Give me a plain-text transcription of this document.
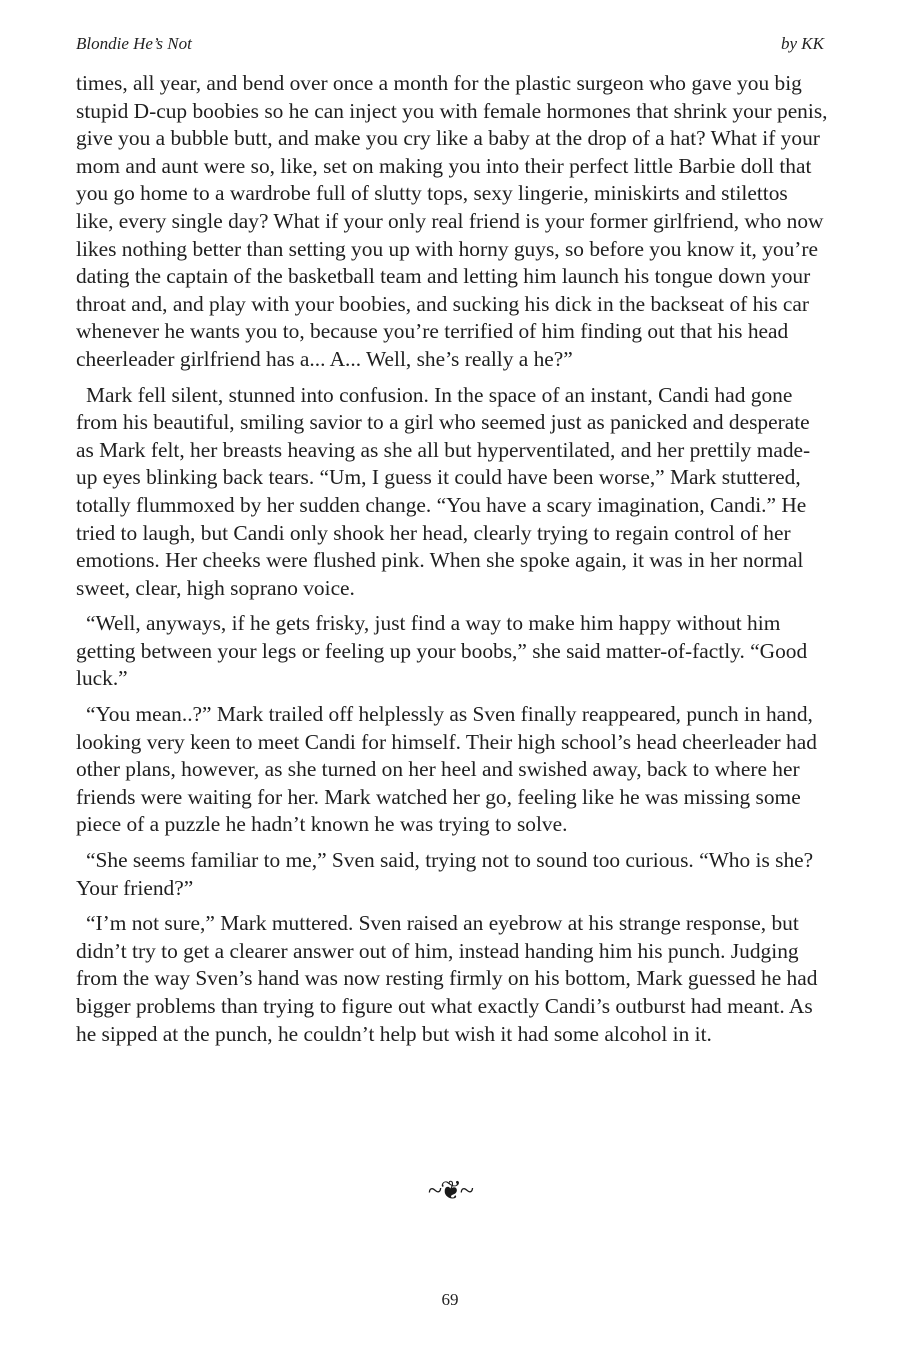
Blondie He’s Not	by KK

times, all year, and bend over once a month for the plastic surgeon who gave you big stupid D-cup boobies so he can inject you with female hormones that shrink your penis, give you a bubble butt, and make you cry like a baby at the drop of a hat? What if your mom and aunt were so, like, set on making you into their perfect little Barbie doll that you go home to a wardrobe full of slutty tops, sexy lingerie, miniskirts and stilettos like, every single day? What if your only real friend is your former girlfriend, who now likes nothing better than setting you up with horny guys, so before you know it, you’re dating the captain of the basketball team and letting him launch his tongue down your throat and, and play with your boobies, and sucking his dick in the backseat of his car whenever he wants you to, because you’re terrified of him finding out that his head cheerleader girlfriend has a... A... Well, she’s really a he?”

Mark fell silent, stunned into confusion. In the space of an instant, Candi had gone from his beautiful, smiling savior to a girl who seemed just as panicked and desperate as Mark felt, her breasts heaving as she all but hyperventilated, and her prettily made-up eyes blinking back tears. “Um, I guess it could have been worse,” Mark stuttered, totally flummoxed by her sudden change. “You have a scary imagination, Candi.” He tried to laugh, but Candi only shook her head, clearly trying to regain control of her emotions. Her cheeks were flushed pink. When she spoke again, it was in her normal sweet, clear, high soprano voice.

“Well, anyways, if he gets frisky, just find a way to make him happy without him getting between your legs or feeling up your boobs,” she said matter-of-factly. “Good luck.”

“You mean..?” Mark trailed off helplessly as Sven finally reappeared, punch in hand, looking very keen to meet Candi for himself. Their high school’s head cheerleader had other plans, however, as she turned on her heel and swished away, back to where her friends were waiting for her. Mark watched her go, feeling like he was missing some piece of a puzzle he hadn’t known he was trying to solve.

“She seems familiar to me,” Sven said, trying not to sound too curious. “Who is she? Your friend?”

“I’m not sure,” Mark muttered. Sven raised an eyebrow at his strange response, but didn’t try to get a clearer answer out of him, instead handing him his punch. Judging from the way Sven’s hand was now resting firmly on his bottom, Mark guessed he had bigger problems than trying to figure out what exactly Candi’s outburst had meant. As he sipped at the punch, he couldn’t help but wish it had some alcohol in it.

~❦~
69
